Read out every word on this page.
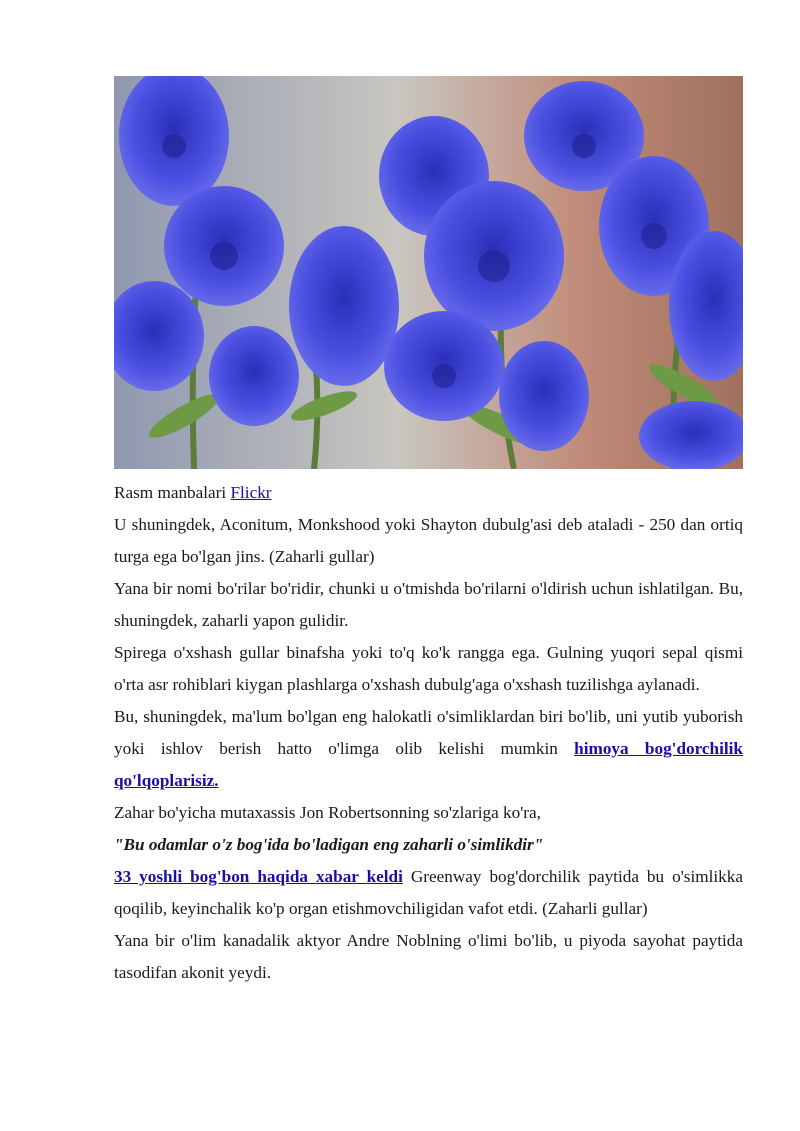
Rasm manbalari Flickr

U shuningdek, Aconitum, Monkshood yoki Shayton dubulg'asi deb ataladi - 250 dan ortiq turga ega bo'lgan jins. (Zaharli gullar)

Yana bir nomi bo'rilar bo'ridir, chunki u o'tmishda bo'rilarni o'ldirish uchun ishlatilgan. Bu, shuningdek, zaharli yapon gulidir.

Spirega o'xshash gullar binafsha yoki to'q ko'k rangga ega. Gulning yuqori sepal qismi o'rta asr rohiblari kiygan plashlarga o'xshash dubulg'aga o'xshash tuzilishga aylanadi.

Bu, shuningdek, ma'lum bo'lgan eng halokatli o'simliklardan biri bo'lib, uni yutib yuborish yoki ishlov berish hatto o'limga olib kelishi mumkin himoya bog'dorchilik qo'lqoplarisiz.

Zahar bo'yicha mutaxassis Jon Robertsonning so'zlariga ko'ra,

"Bu odamlar o'z bog'ida bo'ladigan eng zaharli o'simlikdir"

33 yoshli bog'bon haqida xabar keldi Greenway bog'dorchilik paytida bu o'simlikka qoqilib, keyinchalik ko'p organ etishmovchiligidan vafot etdi. (Zaharli gullar)

Yana bir o'lim kanadalik aktyor Andre Noblning o'limi bo'lib, u piyoda sayohat paytida tasodifan akonit yeydi.
